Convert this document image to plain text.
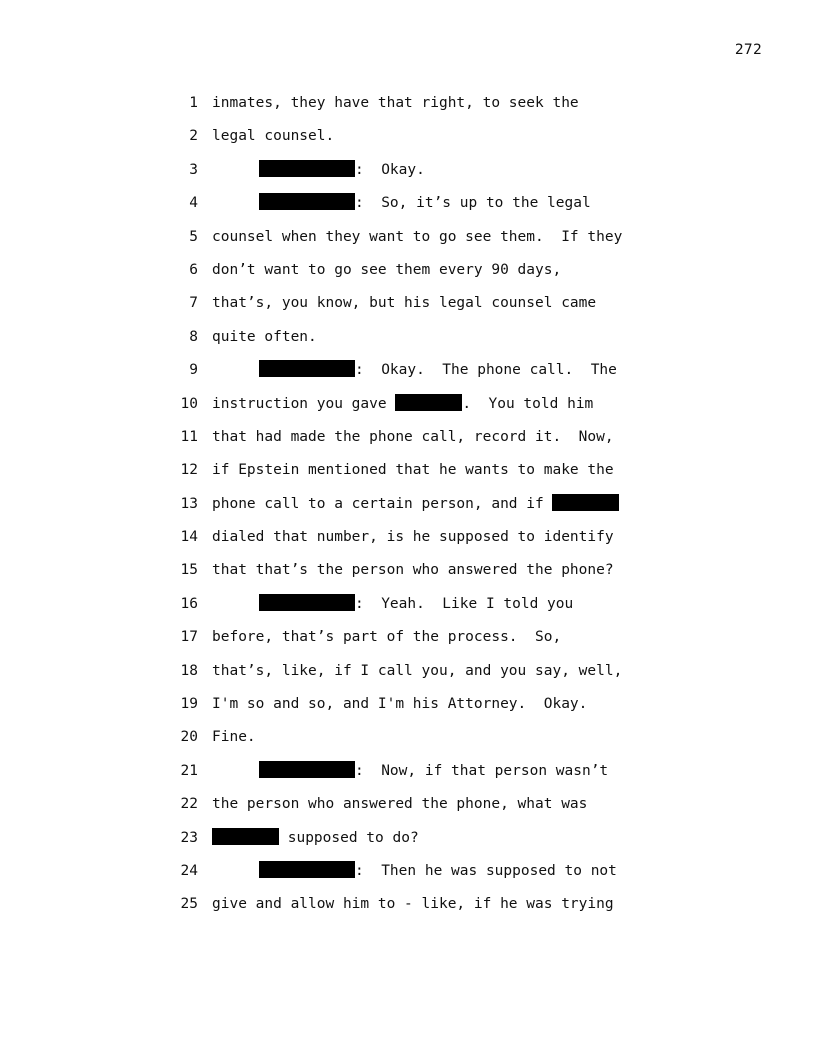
272
1 inmates, they have that right, to seek the
2 legal counsel.
3	:  Okay.
4	:  So, it’s up to the legal
5 counsel when they want to go see them.  If they
6 don’t want to go see them every 90 days,
7 that’s, you know, but his legal counsel came
8 quite often.
9	:  Okay.  The phone call.  The
10 instruction you gave	.  You told him
11 that had made the phone call, record it.  Now,
12 if Epstein mentioned that he wants to make the
13 phone call to a certain person, and if
14 dialed that number, is he supposed to identify
15 that that’s the person who answered the phone?
16	:  Yeah.  Like I told you
17 before, that’s part of the process.  So,
18 that’s, like, if I call you, and you say, well,
19 I'm so and so, and I'm his Attorney.  Okay.
20 Fine.
21	:  Now, if that person wasn’t
22 the person who answered the phone, what was
23	supposed to do?
24	:  Then he was supposed to not
25 give and allow him to - like, if he was trying
